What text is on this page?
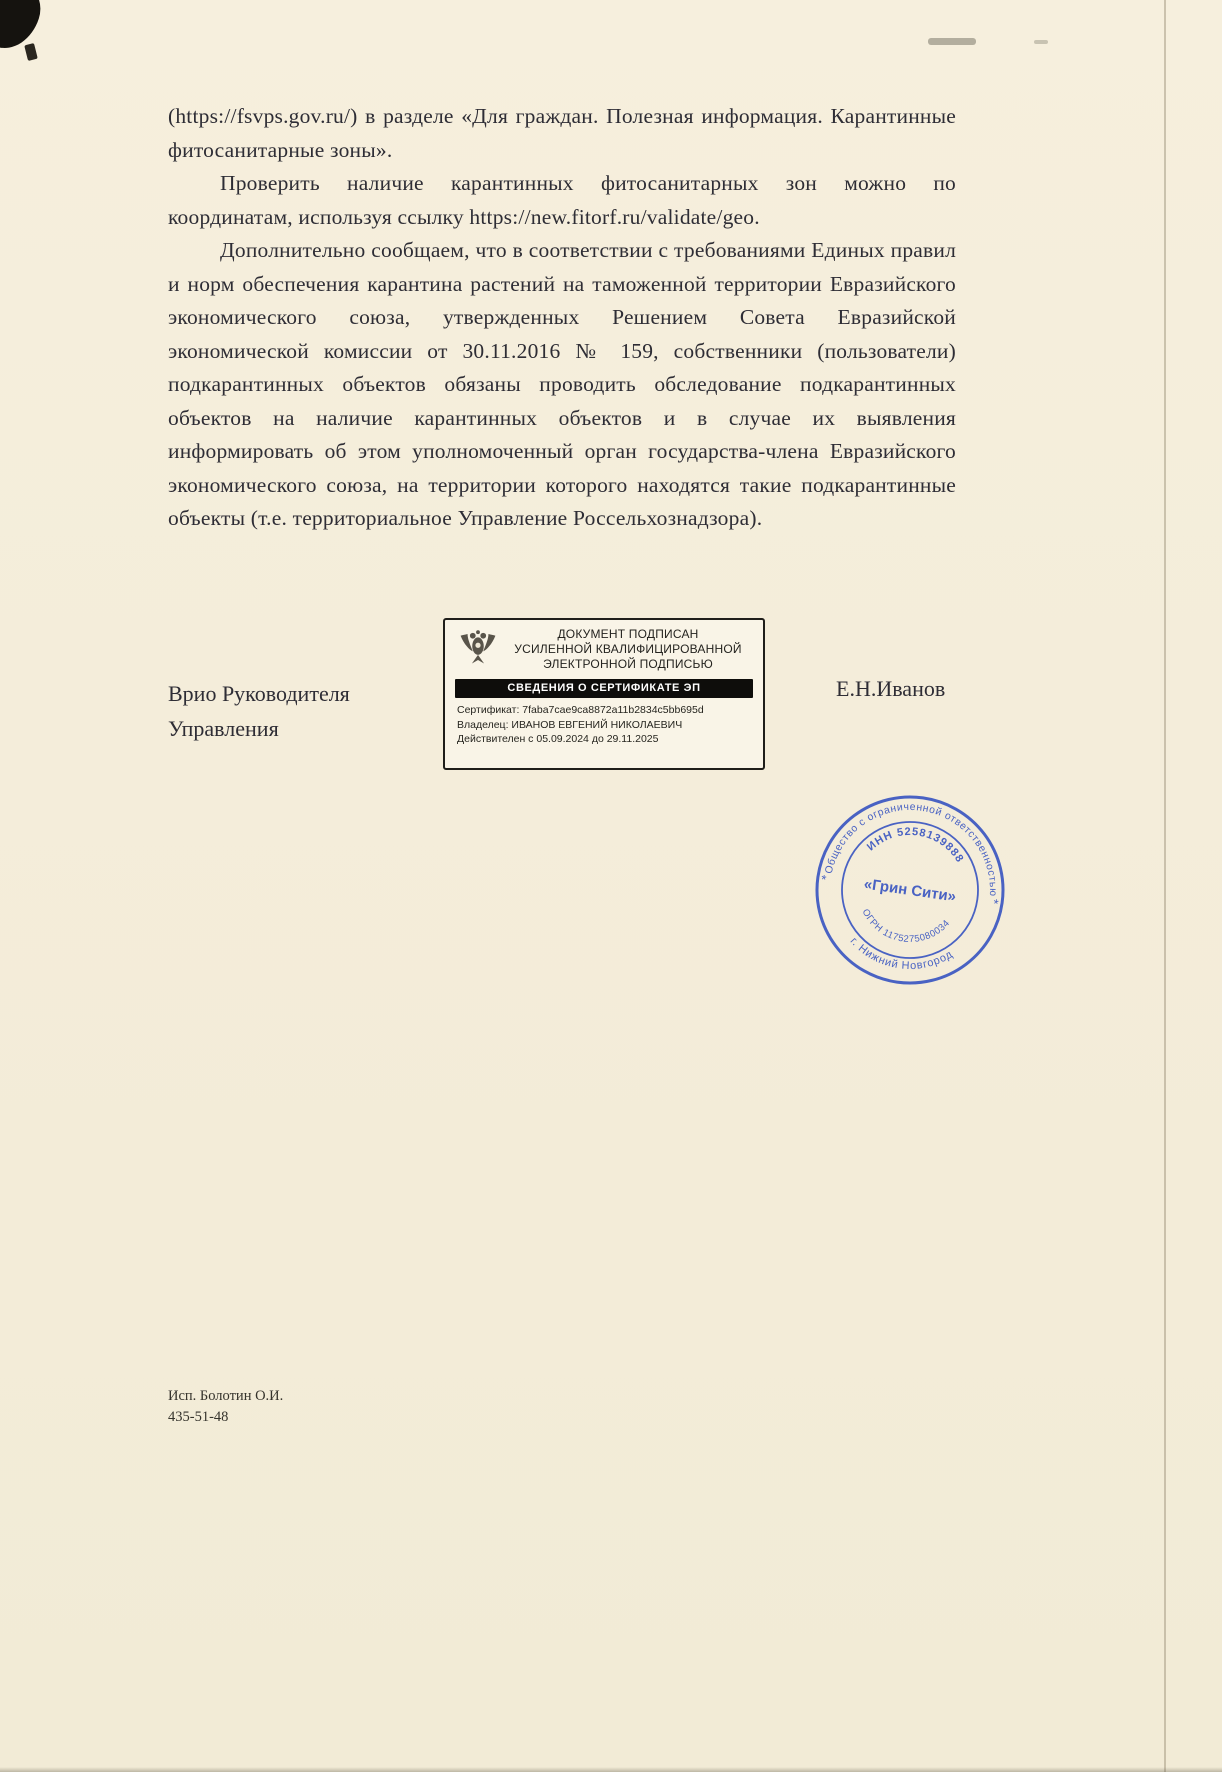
(https://fsvps.gov.ru/) в разделе «Для граждан. Полезная информация. Карантинные фитосанитарные зоны».

Проверить наличие карантинных фитосанитарных зон можно по координатам, используя ссылку https://new.fitorf.ru/validate/geo.

Дополнительно сообщаем, что в соответствии с требованиями Единых правил и норм обеспечения карантина растений на таможенной территории Евразийского экономического союза, утвержденных Решением Совета Евразийской экономической комиссии от 30.11.2016 № 159, собственники (пользователи) подкарантинных объектов обязаны проводить обследование подкарантинных объектов на наличие карантинных объектов и в случае их выявления информировать об этом уполномоченный орган государства-члена Евразийского экономического союза, на территории которого находятся такие подкарантинные объекты (т.е. территориальное Управление Россельхознадзора).

Врио Руководителя
Управления
Е.Н.Иванов
ДОКУМЕНТ ПОДПИСАН
УСИЛЕННОЙ КВАЛИФИЦИРОВАННОЙ
ЭЛЕКТРОННОЙ ПОДПИСЬЮ
СВЕДЕНИЯ О СЕРТИФИКАТЕ ЭП
Сертификат: 7faba7cae9ca8872a11b2834c5bb695d
Владелец: ИВАНОВ ЕВГЕНИЙ НИКОЛАЕВИЧ
Действителен с 05.09.2024 до 29.11.2025
Общество с ограниченной ответственностью
ИНН 5258139888
«Грин Сити»
ОГРН 1175275080034
г. Нижний Новгород
*
*
Исп. Болотин О.И.
435-51-48
